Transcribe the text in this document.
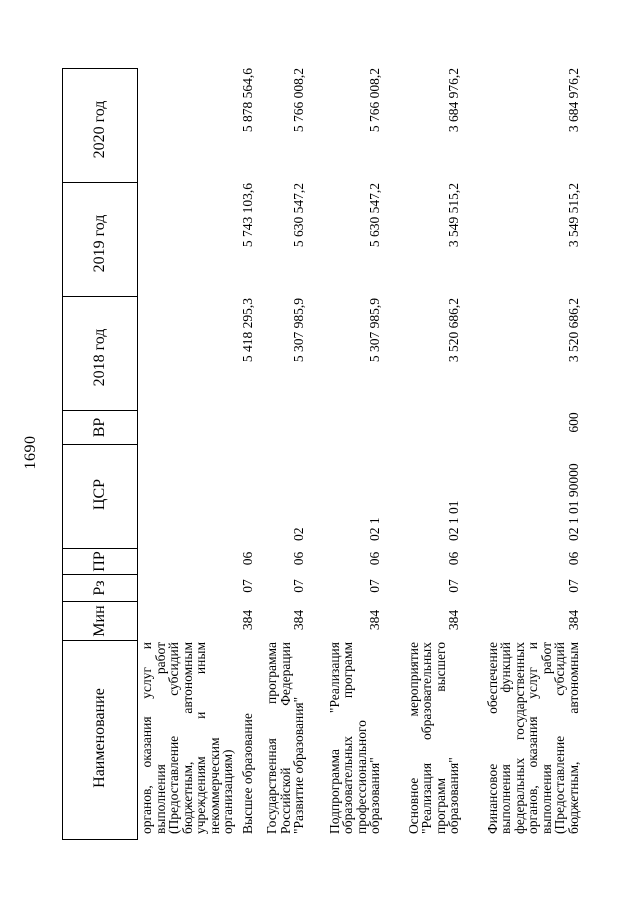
1690
Наименование
Мин
Рз
ПР
ЦСР
ВР
2018 год
2019 год
2020 год
органов, оказания услуг и
выполнения работ
(Предоставление субсидий
бюджетным, автономным
учреждениям и иным
некоммерческим
организациям) Высшее образование
384
07
06
5 418 295,3
5 743 103,6
5 878 564,6
Государственная программа
Российской Федерации
"Развитие образования"
384
07
06
02
5 307 985,9
5 630 547,2
5 766 008,2
Подпрограмма "Реализация
образовательных программ
профессионального
образования"
384
07
06
02 1
5 307 985,9
5 630 547,2
5 766 008,2
Основное мероприятие
"Реализация образовательных
программ высшего
образования"
384
07
06
02 1 01
3 520 686,2
3 549 515,2
3 684 976,2
Финансовое обеспечение
выполнения функций
федеральных государственных
органов, оказания услуг и
выполнения работ
(Предоставление субсидий
бюджетным, автономным
384
07
06
02 1 01 90000
600
3 520 686,2
3 549 515,2
3 684 976,2
